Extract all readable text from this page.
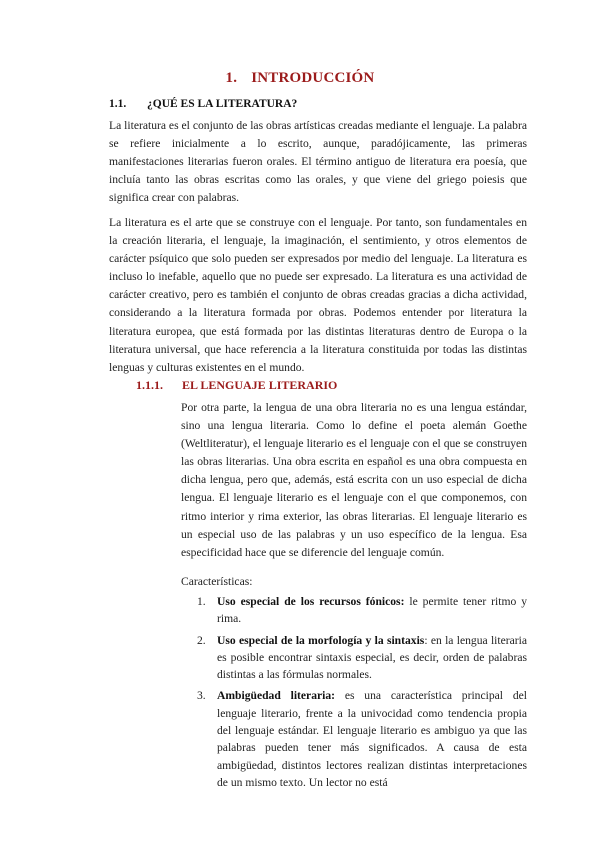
1. INTRODUCCIÓN
1.1. ¿QUÉ ES LA LITERATURA?

La literatura es el conjunto de las obras artísticas creadas mediante el lenguaje. La palabra se refiere inicialmente a lo escrito, aunque, paradójicamente, las primeras manifestaciones literarias fueron orales. El término antiguo de literatura era poesía, que incluía tanto las obras escritas como las orales, y que viene del griego poiesis que significa crear con palabras.

La literatura es el arte que se construye con el lenguaje. Por tanto, son fundamentales en la creación literaria, el lenguaje, la imaginación, el sentimiento, y otros elementos de carácter psíquico que solo pueden ser expresados por medio del lenguaje. La literatura es incluso lo inefable, aquello que no puede ser expresado. La literatura es una actividad de carácter creativo, pero es también el conjunto de obras creadas gracias a dicha actividad, considerando a la literatura formada por obras. Podemos entender por literatura la literatura europea, que está formada por las distintas literaturas dentro de Europa o la literatura universal, que hace referencia a la literatura constituida por todas las distintas lenguas y culturas existentes en el mundo.

1.1.1. EL LENGUAJE LITERARIO

Por otra parte, la lengua de una obra literaria no es una lengua estándar, sino una lengua literaria. Como lo define el poeta alemán Goethe (Weltliteratur), el lenguaje literario es el lenguaje con el que se construyen las obras literarias. Una obra escrita en español es una obra compuesta en dicha lengua, pero que, además, está escrita con un uso especial de dicha lengua. El lenguaje literario es el lenguaje con el que componemos, con ritmo interior y rima exterior, las obras literarias. El lenguaje literario es un especial uso de las palabras y un uso específico de la lengua. Esa especificidad hace que se diferencie del lenguaje común.

Características:
1. Uso especial de los recursos fónicos: le permite tener ritmo y rima.
2. Uso especial de la morfología y la sintaxis: en la lengua literaria es posible encontrar sintaxis especial, es decir, orden de palabras distintas a las fórmulas normales.
3. Ambigüedad literaria: es una característica principal del lenguaje literario, frente a la univocidad como tendencia propia del lenguaje estándar. El lenguaje literario es ambiguo ya que las palabras pueden tener más significados. A causa de esta ambigüedad, distintos lectores realizan distintas interpretaciones de un mismo texto. Un lector no está
